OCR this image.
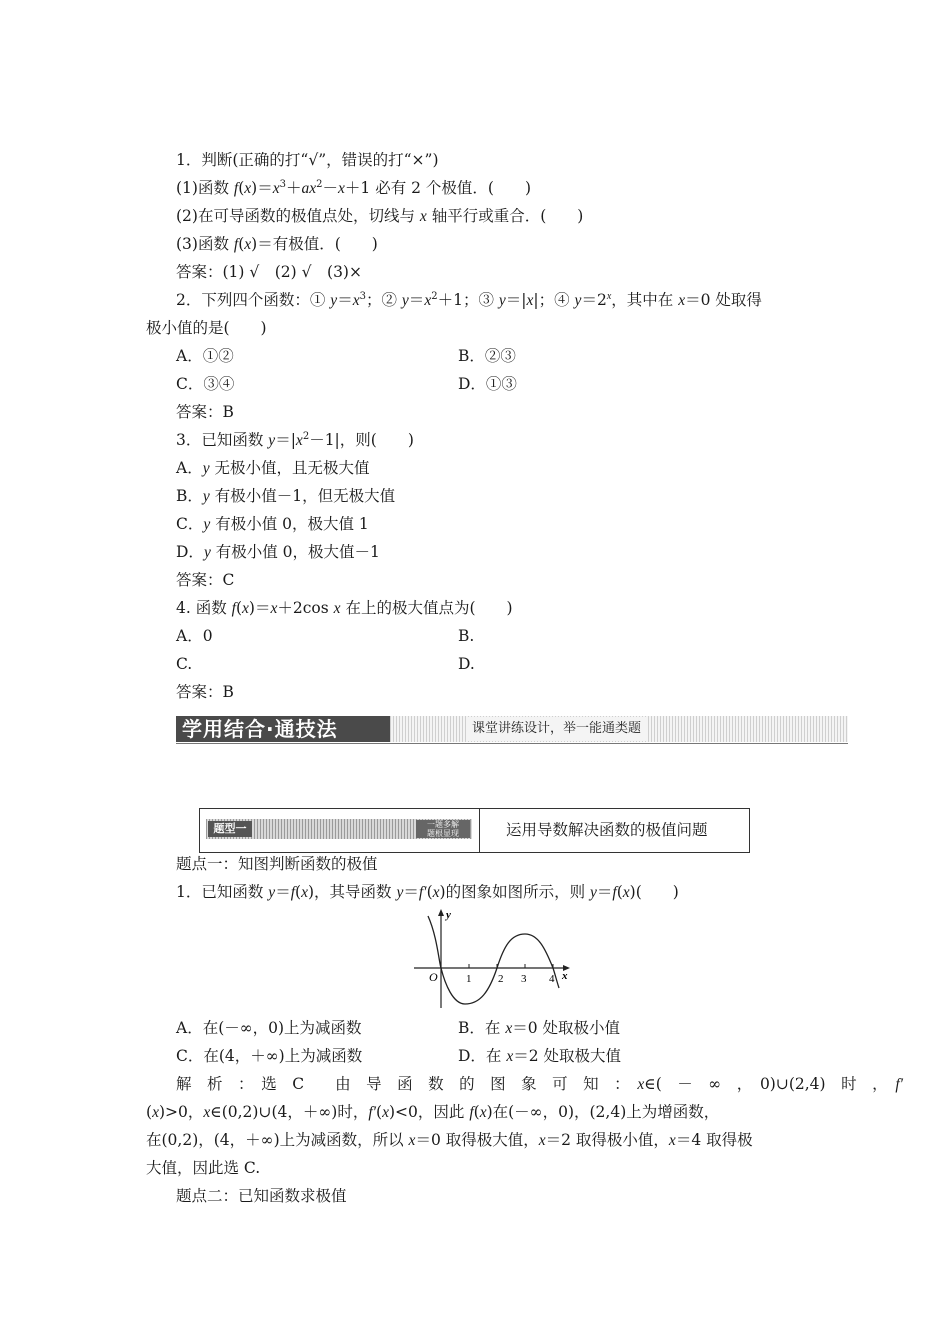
1．判断(正确的打“√”，错误的打“×”)
(1)函数 $f(x)=x^3+ax^2-x+1$ 必有 2 个极值．(　　)
(2)在可导函数的极值点处，切线与 x 轴平行或重合．(　　)
(3)函数 f(x)＝有极值．(　　)
答案：(1) √　(2) √　(3)×
2．下列四个函数：① $y=x^3$；② $y=x^2+1$；③ y＝|x|；④ $y=2^x$，其中在 x＝0 处取得
极小值的是(　　)
A．①②	B．②③
C．③④	D．①③
答案：B
3．已知函数 $y=|x^2-1|$，则(　　)
A．y 无极小值，且无极大值
B．y 有极小值－1，但无极大值
C．y 有极小值 0，极大值 1
D．y 有极小值 0，极大值－1
答案：C
4. 函数 f(x)＝x＋2cos x 在上的极大值点为(　　)
A．0	B.
C.	D.
答案：B
学用结合·通技法	课堂讲练设计，举一能通类题
题型一	一题多解
题根显现	运用导数解决函数的极值问题
题点一：知图判断函数的极值
1．已知函数 y＝f(x)，其导函数 y＝f′(x)的图象如图所示，则 y＝f(x)(　　)
y
x
O	1 2 3 4
A．在(－∞，0)上为减函数	B．在 x＝0 处取极小值
C．在(4，＋∞)上为减函数	D．在 x＝2 处取极大值
解　析　：　选　C　　由　导　函　数　的　图　象　可　知　：　x∈(　－　∞　，　0)∪(2,4)　时　，　f′
(x)>0，x∈(0,2)∪(4，＋∞)时，f′(x)<0，因此 f(x)在(－∞，0)，(2,4)上为增函数，
在(0,2)，(4，＋∞)上为减函数，所以 x＝0 取得极大值，x＝2 取得极小值，x＝4 取得极
大值，因此选 C.
题点二：已知函数求极值
